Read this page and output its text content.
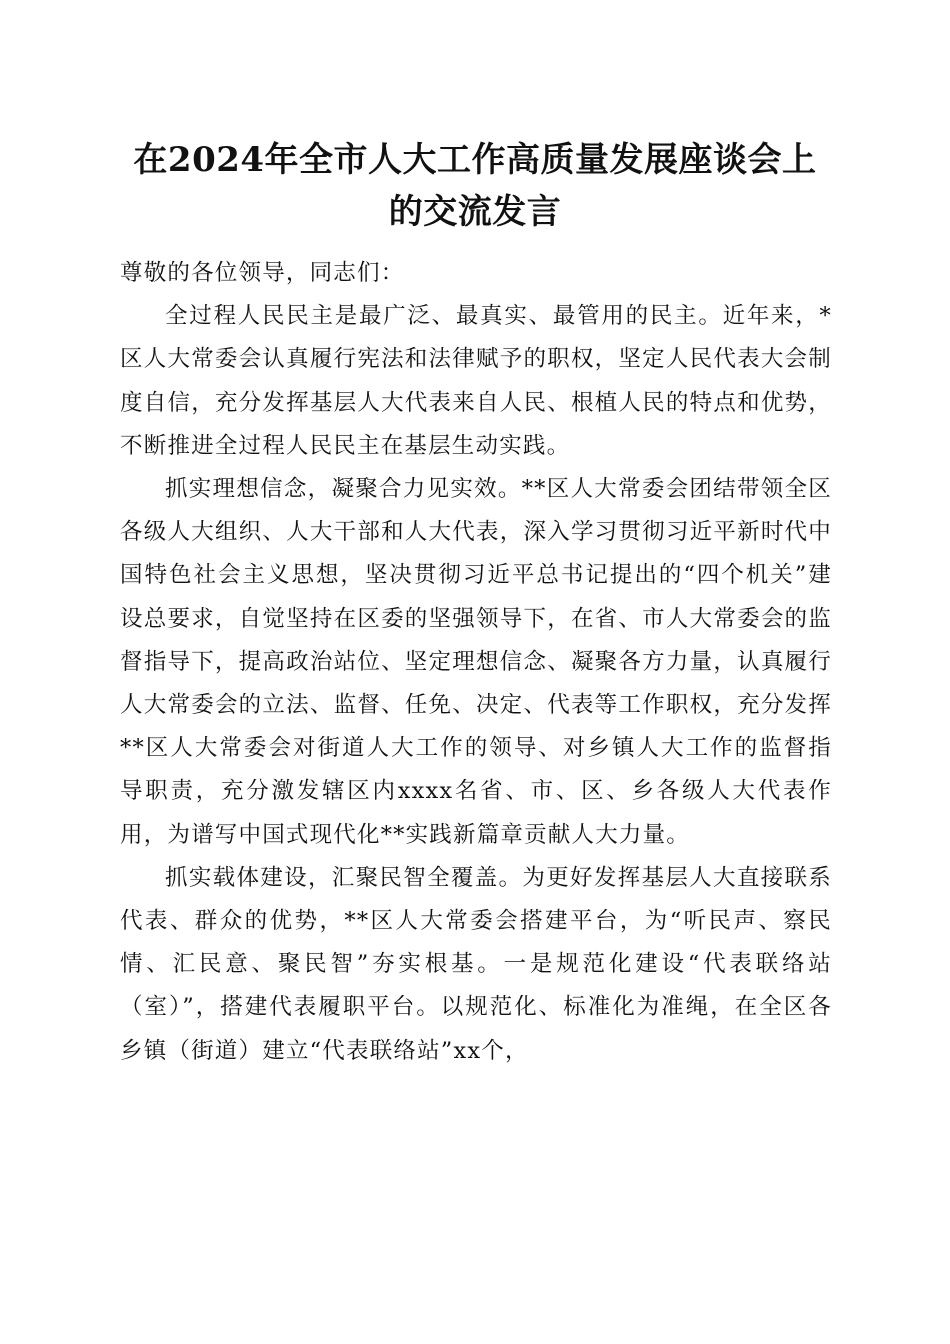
在2024年全市人大工作高质量发展座谈会上
的交流发言

尊敬的各位领导，同志们：

全过程人民民主是最广泛、最真实、最管用的民主。近年来，*区人大常委会认真履行宪法和法律赋予的职权，坚定人民代表大会制度自信，充分发挥基层人大代表来自人民、根植人民的特点和优势，不断推进全过程人民民主在基层生动实践。

抓实理想信念，凝聚合力见实效。**区人大常委会团结带领全区各级人大组织、人大干部和人大代表，深入学习贯彻习近平新时代中国特色社会主义思想，坚决贯彻习近平总书记提出的“四个机关”建设总要求，自觉坚持在区委的坚强领导下，在省、市人大常委会的监督指导下，提高政治站位、坚定理想信念、凝聚各方力量，认真履行人大常委会的立法、监督、任免、决定、代表等工作职权，充分发挥**区人大常委会对街道人大工作的领导、对乡镇人大工作的监督指导职责，充分激发辖区内xxxx名省、市、区、乡各级人大代表作用，为谱写中国式现代化**实践新篇章贡献人大力量。

抓实载体建设，汇聚民智全覆盖。为更好发挥基层人大直接联系代表、群众的优势，**区人大常委会搭建平台，为“听民声、察民情、汇民意、聚民智”夯实根基。一是规范化建设“代表联络站（室）”，搭建代表履职平台。以规范化、标准化为准绳，在全区各乡镇（街道）建立“代表联络站”xx个，
